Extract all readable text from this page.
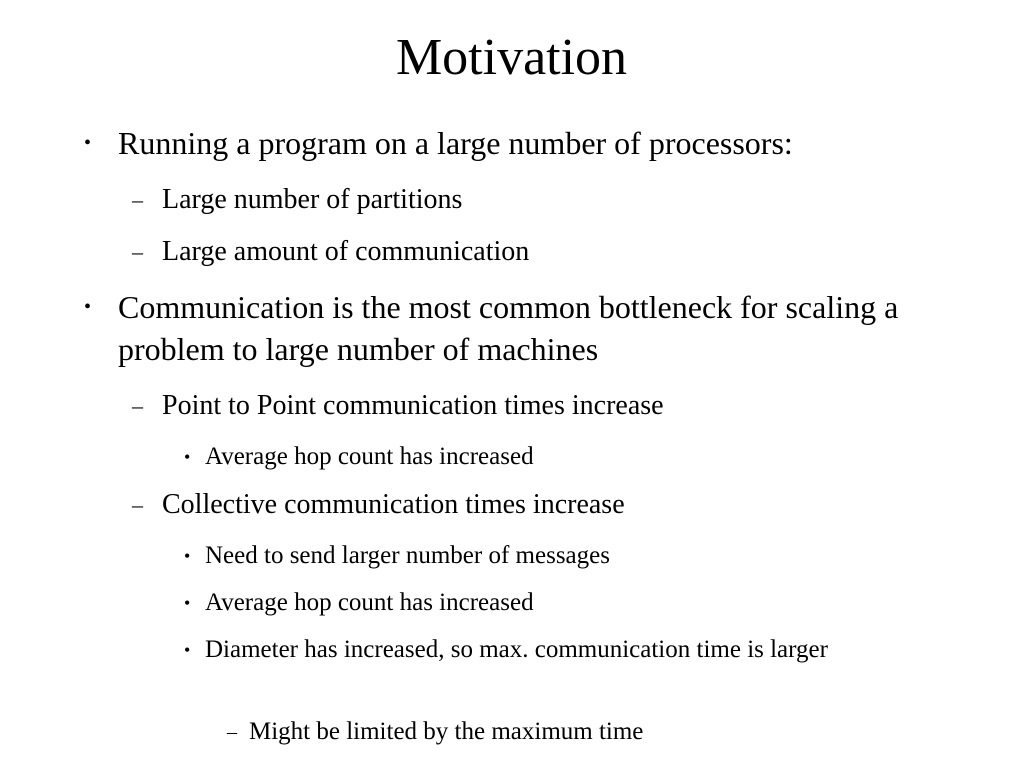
Motivation
• Running a program on a large number of processors:
– Large number of partitions
– Large amount of communication
• Communication is the most common bottleneck for scaling a problem to large number of machines
– Point to Point communication times increase
• Average hop count has increased
– Collective communication times increase
• Need to send larger number of messages
• Average hop count has increased
• Diameter has increased, so max. communication time is larger
– Might be limited by the maximum time
